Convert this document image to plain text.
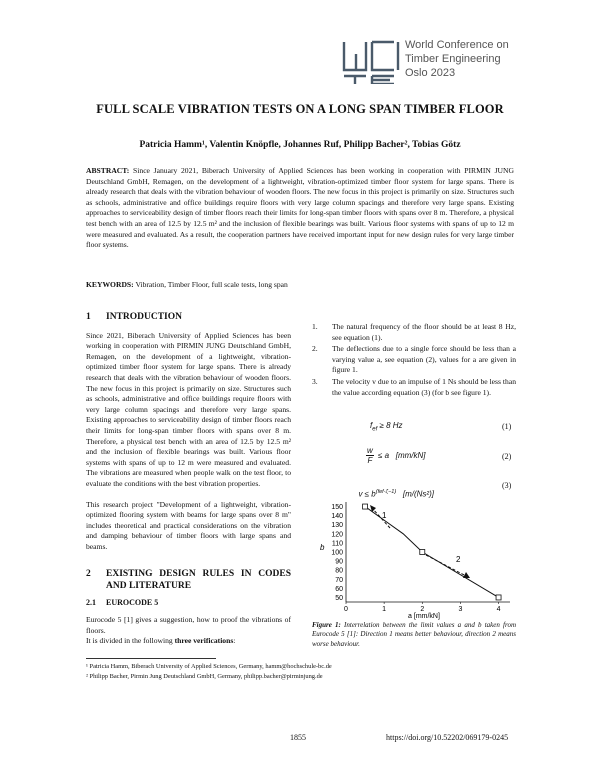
World Conference on
Timber Engineering
Oslo 2023
FULL SCALE VIBRATION TESTS ON A LONG SPAN TIMBER FLOOR
Patricia Hamm¹, Valentin Knöpfle, Johannes Ruf, Philipp Bacher², Tobias Götz
ABSTRACT: Since January 2021, Biberach University of Applied Sciences has been working in cooperation with PIRMIN JUNG Deutschland GmbH, Remagen, on the development of a lightweight, vibration-optimized timber floor system for large spans. There is already research that deals with the vibration behaviour of wooden floors. The new focus in this project is primarily on size. Structures such as schools, administrative and office buildings require floors with very large column spacings and therefore very large spans. Existing approaches to serviceability design of timber floors reach their limits for long-span timber floors with spans over 8 m. Therefore, a physical test bench with an area of 12.5 by 12.5 m² and the inclusion of flexible bearings was built. Various floor systems with spans of up to 12 m were measured and evaluated. As a result, the cooperation partners have received important input for new design rules for very large timber floor systems.
KEYWORDS: Vibration, Timber Floor, full scale tests, long span
1 INTRODUCTION
Since 2021, Biberach University of Applied Sciences has been working in cooperation with PIRMIN JUNG Deutschland GmbH, Remagen, on the development of a lightweight, vibration-optimized timber floor system for large spans. There is already research that deals with the vibration behaviour of wooden floors. The new focus in this project is primarily on size. Structures such as schools, administrative and office buildings require floors with very large column spacings and therefore very large spans. Existing approaches to serviceability design of timber floors reach their limits for long-span timber floors with spans over 8 m. Therefore, a physical test bench with an area of 12.5 by 12.5 m² and the inclusion of flexible bearings was built. Various floor systems with spans of up to 12 m were measured and evaluated. The vibrations are measured when people walk on the test floor, to evaluate the conditions with the best vibration properties.
This research project "Development of a lightweight, vibration-optimized flooring system with beams for large spans over 8 m" includes theoretical and practical considerations on the vibration and damping behaviour of timber floors with large spans and beams.
2	EXISTING DESIGN RULES IN CODES AND LITERATURE
2.1 EUROCODE 5
Eurocode 5 [1] gives a suggestion, how to proof the vibrations of floors.
It is divided in the following three verifications:
1. The natural frequency of the floor should be at least 8 Hz, see equation (1).
2. The deflections due to a single force should be less than a varying value a, see equation (2), values for a are given in figure 1.
3. The velocity v due to an impulse of 1 Ns should be less than the value according equation (3) (for b see figure 1).
$f_{ef} \ge 8$ Hz	(1)
$\frac{w}{F} \le a$   [mm/kN]	(2)

$v \le b^{(fef\cdot\zeta-1)}$   [m/(Ns²)]

(3)
50
60
70
80
90
100
110
120
130
140
150
0	1	2	3	4
1
2
b
a [mm/kN]
Figure 1: Interrelation between the limit values a and b taken from Eurocode 5 [1]: Direction 1 means better behaviour, direction 2 means worse behaviour.
¹ Patricia Hamm, Biberach University of Applied Sciences, Germany, hamm@hochschule-bc.de
² Philipp Bacher, Pirmin Jung Deutschland GmbH, Germany, philipp.bacher@pirminjung.de
1855	https://doi.org/10.52202/069179-0245
